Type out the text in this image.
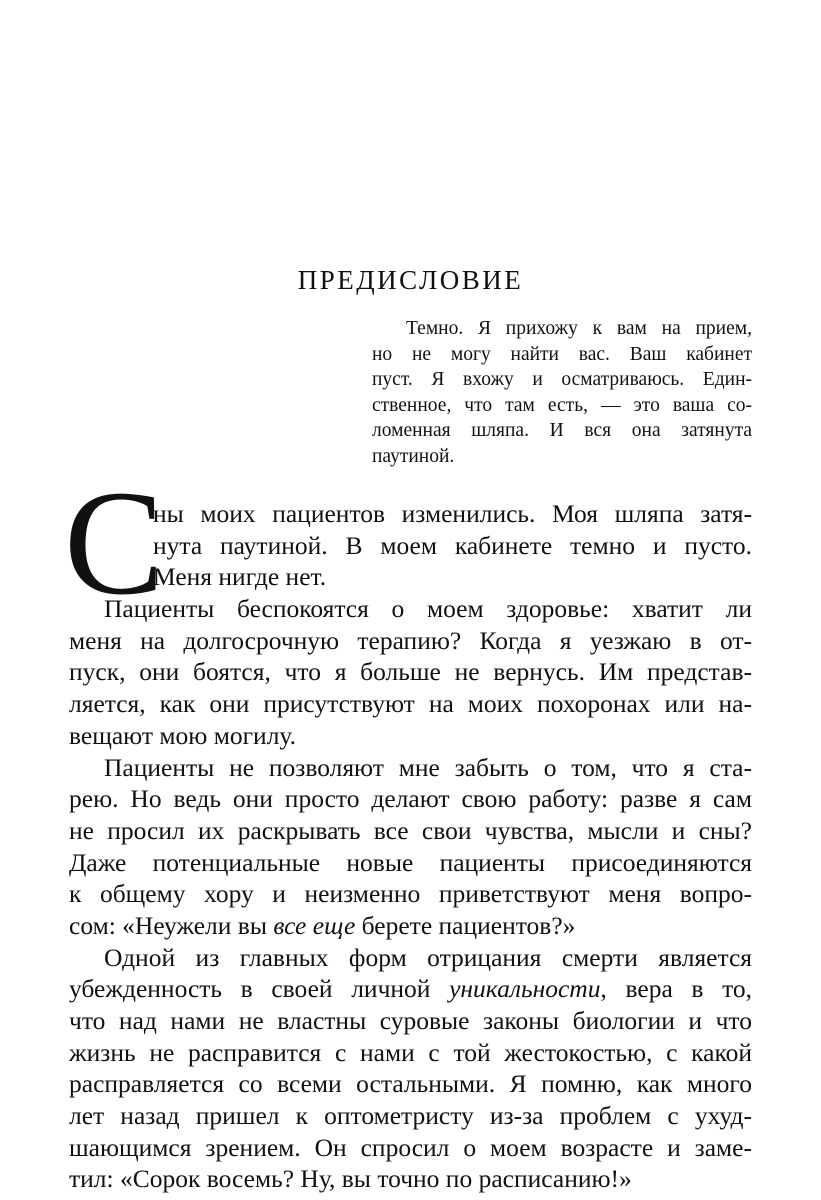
ПРЕДИСЛОВИЕ
Темно. Я прихожу к вам на прием,
но не могу найти вас. Ваш кабинет
пуст. Я вхожу и осматриваюсь. Един-
ственное, что там есть, — это ваша со-
ломенная шляпа. И вся она затянута
паутиной.
С
ны моих пациентов изменились. Моя шляпа затя-
нута паутиной. В моем кабинете темно и пусто.
Меня нигде нет.
Пациенты беспокоятся о моем здоровье: хватит ли
меня на долгосрочную терапию? Когда я уезжаю в от-
пуск, они боятся, что я больше не вернусь. Им представ-
ляется, как они присутствуют на моих похоронах или на-
вещают мою могилу.
Пациенты не позволяют мне забыть о том, что я ста-
рею. Но ведь они просто делают свою работу: разве я сам
не просил их раскрывать все свои чувства, мысли и сны?
Даже потенциальные новые пациенты присоединяются
к общему хору и неизменно приветствуют меня вопро-
сом: «Неужели вы все еще берете пациентов?»
Одной из главных форм отрицания смерти является
убежденность в своей личной уникальности, вера в то,
что над нами не властны суровые законы биологии и что
жизнь не расправится с нами с той жестокостью, с какой
расправляется со всеми остальными. Я помню, как много
лет назад пришел к оптометристу из-за проблем с ухуд-
шающимся зрением. Он спросил о моем возрасте и заме-
тил: «Сорок восемь? Ну, вы точно по расписанию!»
